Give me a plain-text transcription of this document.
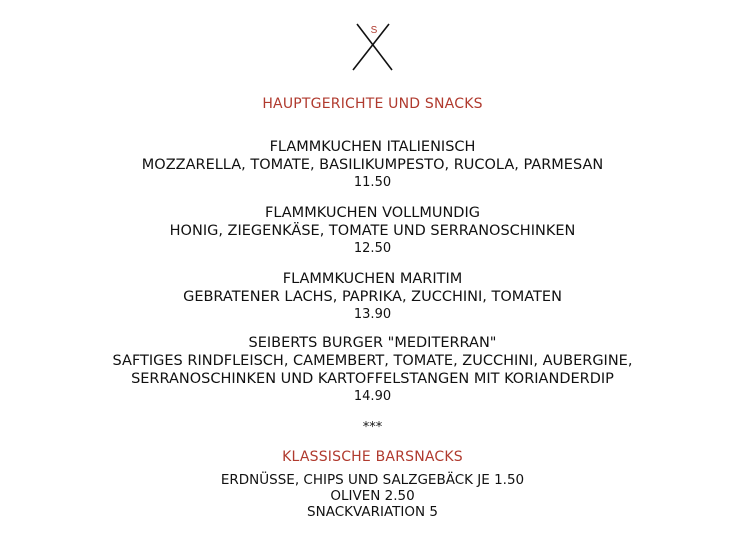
S
HAUPTGERICHTE UND SNACKS
FLAMMKUCHEN ITALIENISCH
MOZZARELLA, TOMATE, BASILIKUMPESTO, RUCOLA, PARMESAN
11.50
FLAMMKUCHEN VOLLMUNDIG
HONIG, ZIEGENKÄSE, TOMATE UND SERRANOSCHINKEN
12.50
FLAMMKUCHEN MARITIM
GEBRATENER LACHS, PAPRIKA, ZUCCHINI, TOMATEN
13.90
SEIBERTS BURGER "MEDITERRAN"
SAFTIGES RINDFLEISCH, CAMEMBERT, TOMATE, ZUCCHINI, AUBERGINE,
SERRANOSCHINKEN UND KARTOFFELSTANGEN MIT KORIANDERDIP
14.90
***
KLASSISCHE BARSNACKS
ERDNÜSSE, CHIPS UND SALZGEBÄCK JE 1.50
OLIVEN 2.50
SNACKVARIATION 5
